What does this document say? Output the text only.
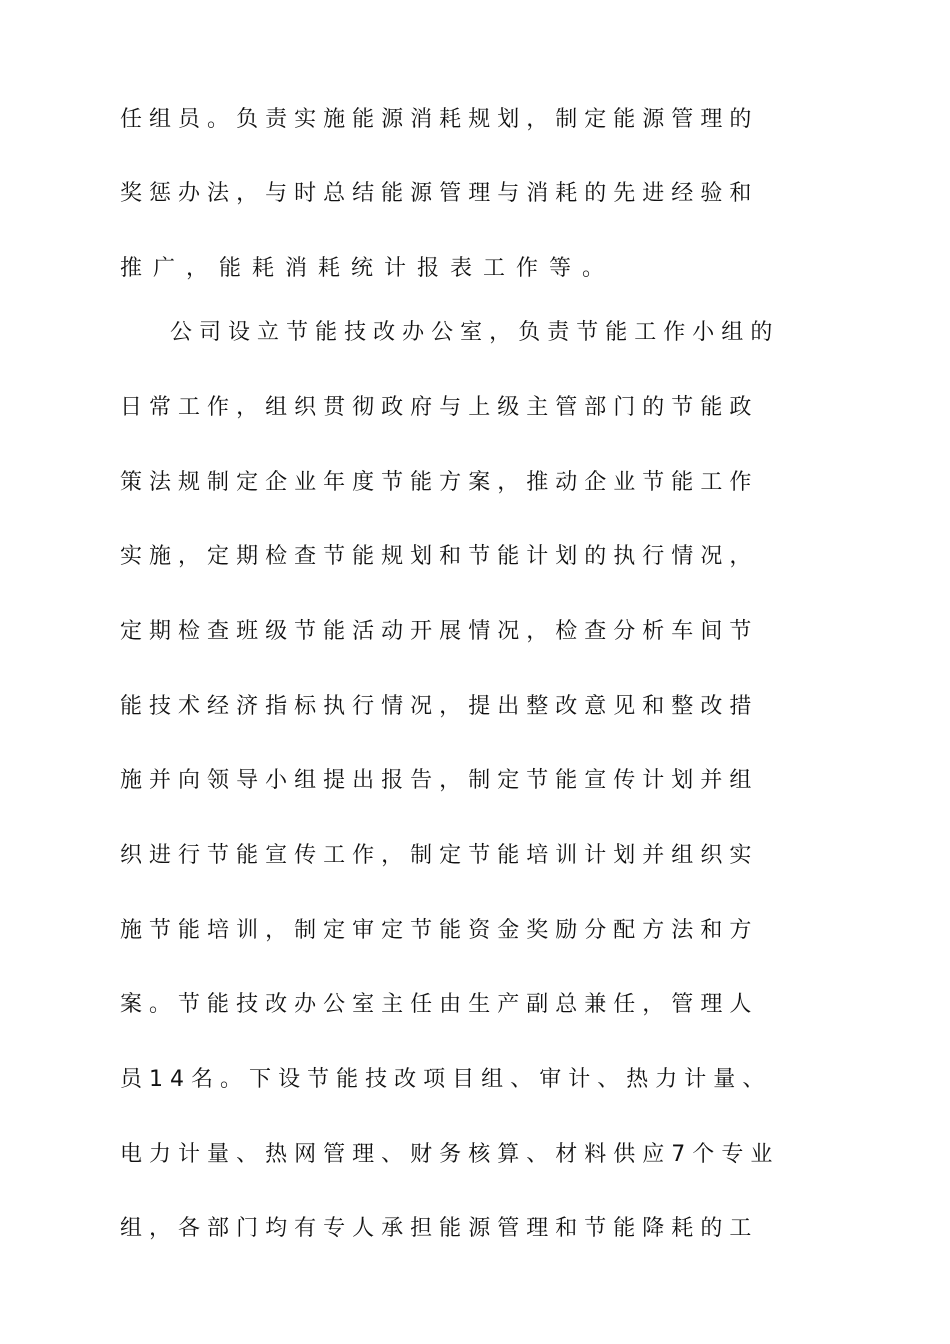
任 组 员 。 负 责 实 施 能 源 消 耗 规 划 ， 制 定 能 源 管 理 的
奖 惩 办 法 ， 与 时 总 结 能 源 管 理 与 消 耗 的 先 进 经 验 和
推广，能耗消耗统计报表工作等。
公 司 设 立 节 能 技 改 办 公 室 ， 负 责 节 能 工 作 小 组 的
日 常 工 作 ， 组 织 贯 彻 政 府 与 上 级 主 管 部 门 的 节 能 政
策 法 规 制 定 企 业 年 度 节 能 方 案 ， 推 动 企 业 节 能 工 作
实 施 ， 定 期 检 查 节 能 规 划 和 节 能 计 划 的 执 行 情 况 ，
定 期 检 查 班 级 节 能 活 动 开 展 情 况 ， 检 查 分 析 车 间 节
能 技 术 经 济 指 标 执 行 情 况 ， 提 出 整 改 意 见 和 整 改 措
施 并 向 领 导 小 组 提 出 报 告 ， 制 定 节 能 宣 传 计 划 并 组
织 进 行 节 能 宣 传 工 作 ， 制 定 节 能 培 训 计 划 并 组 织 实
施 节 能 培 训 ， 制 定 审 定 节 能 资 金 奖 励 分 配 方 法 和 方
案 。 节 能 技 改 办 公 室 主 任 由 生 产 副 总 兼 任 ， 管 理 人
员 1 4 名 。 下 设 节 能 技 改 项 目 组 、 审 计 、 热 力 计 量 、
电 力 计 量 、 热 网 管 理 、 财 务 核 算 、 材 料 供 应 7 个 专 业
组 ， 各 部 门 均 有 专 人 承 担 能 源 管 理 和 节 能 降 耗 的 工
